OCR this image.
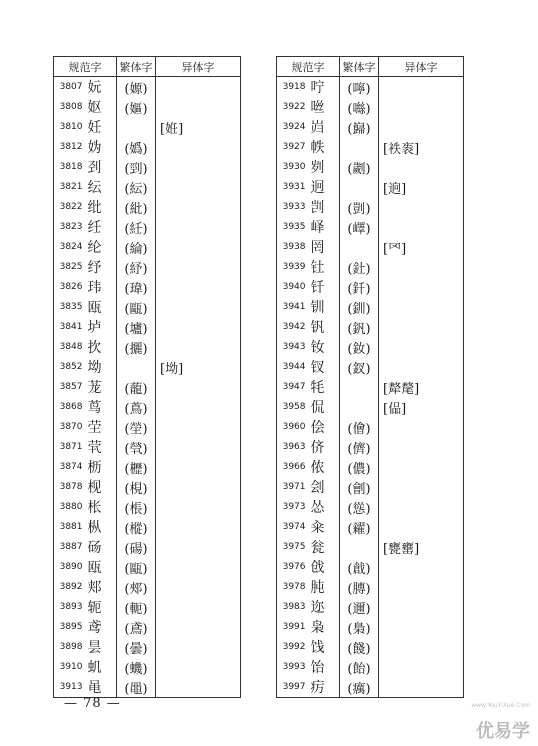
规范字		繁体字	异体字
3807	妧	(嫄)	
3808	妪	(嫗)	
3810	妊		[姙]
3812	妫	(嬀)	
3818	刭	(剄)	
3821	纭	(紜)	
3822	纰	(紕)	
3823	纴	(紝)	
3824	纶	(綸)	
3825	纾	(紓)	
3826	玮	(瑋)	
3835	瓯	(甌)	
3841	垆	(壚)	
3848	扻	(攦)	
3852	坳		[坳]
3857	茏	(蘢)	
3868	茑	(蔦)	
3870	茔	(塋)	
3871	茕	(煢)	
3874	枥	(櫪)	
3878	枧	(梘)	
3880	枨	(棖)	
3881	枞	(樅)	
3887	砀	(碭)	
3890	瓯	(甌)	
3892	郏	(郟)	
3893	轭	(軛)	
3895	鸢	(鳶)	
3898	昙	(曇)	
3910	虮	(蟣)	
3913	黾	(黽)	
规范字		繁体字	异体字
3918	咛	(嚀)	
3922	咝	(噝)	
3924	岿	(巋)	
3927	帙		[袟袠]
3930	刿	(劌)	
3931	迥		[逈]
3933	剀	(剴)	
3935	峄	(嶧)	
3938	罔		[罓]
3939	钍	(釷)	
3940	钎	(釺)	
3941	钏	(釧)	
3942	钒	(釩)	
3943	钕	(釹)	
3944	钗	(釵)	
3947	牦		[犛氂]
3958	侃		[偘]
3960	侩	(儈)	
3963	侪	(儕)	
3966	侬	(儂)	
3971	刽	(劊)	
3973	怂	(慫)	
3974	籴	(糴)	
3975	瓮		[甕罋]
3976	戗	(戧)	
3978	肫	(膞)	
3983	迩	(邇)	
3991	枭	(梟)	
3992	饯	(餞)	
3993	饴	(飴)	
3997	疠	(癘)	
— 78 —	www.YouYiXue.Com
优易学
